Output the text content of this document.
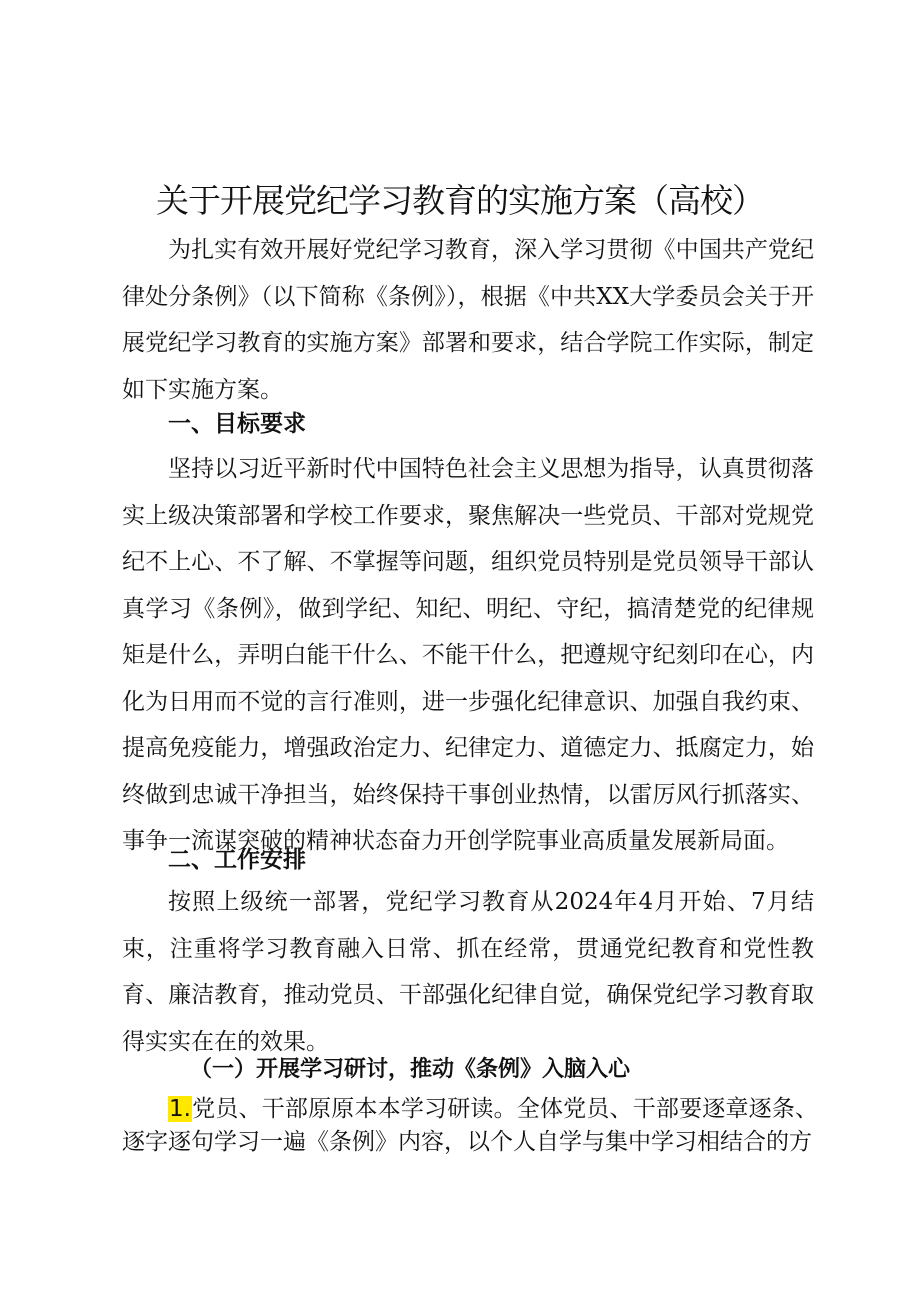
关于开展党纪学习教育的实施方案（高校）

为扎实有效开展好党纪学习教育，深入学习贯彻《中国共产党纪律处分条例》（以下简称《条例》），根据《中共XX大学委员会关于开展党纪学习教育的实施方案》部署和要求，结合学院工作实际，制定如下实施方案。

一、目标要求

坚持以习近平新时代中国特色社会主义思想为指导，认真贯彻落实上级决策部署和学校工作要求，聚焦解决一些党员、干部对党规党纪不上心、不了解、不掌握等问题，组织党员特别是党员领导干部认真学习《条例》，做到学纪、知纪、明纪、守纪，搞清楚党的纪律规矩是什么，弄明白能干什么、不能干什么，把遵规守纪刻印在心，内化为日用而不觉的言行准则，进一步强化纪律意识、加强自我约束、提高免疫能力，增强政治定力、纪律定力、道德定力、抵腐定力，始终做到忠诚干净担当，始终保持干事创业热情，以雷厉风行抓落实、事争一流谋突破的精神状态奋力开创学院事业高质量发展新局面。

二、工作安排

按照上级统一部署，党纪学习教育从2024年4月开始、7月结束，注重将学习教育融入日常、抓在经常，贯通党纪教育和党性教育、廉洁教育，推动党员、干部强化纪律自觉，确保党纪学习教育取得实实在在的效果。

（一）开展学习研讨，推动《条例》入脑入心

1.党员、干部原原本本学习研读。全体党员、干部要逐章逐条、逐字逐句学习一遍《条例》内容，以个人自学与集中学习相结合的方
